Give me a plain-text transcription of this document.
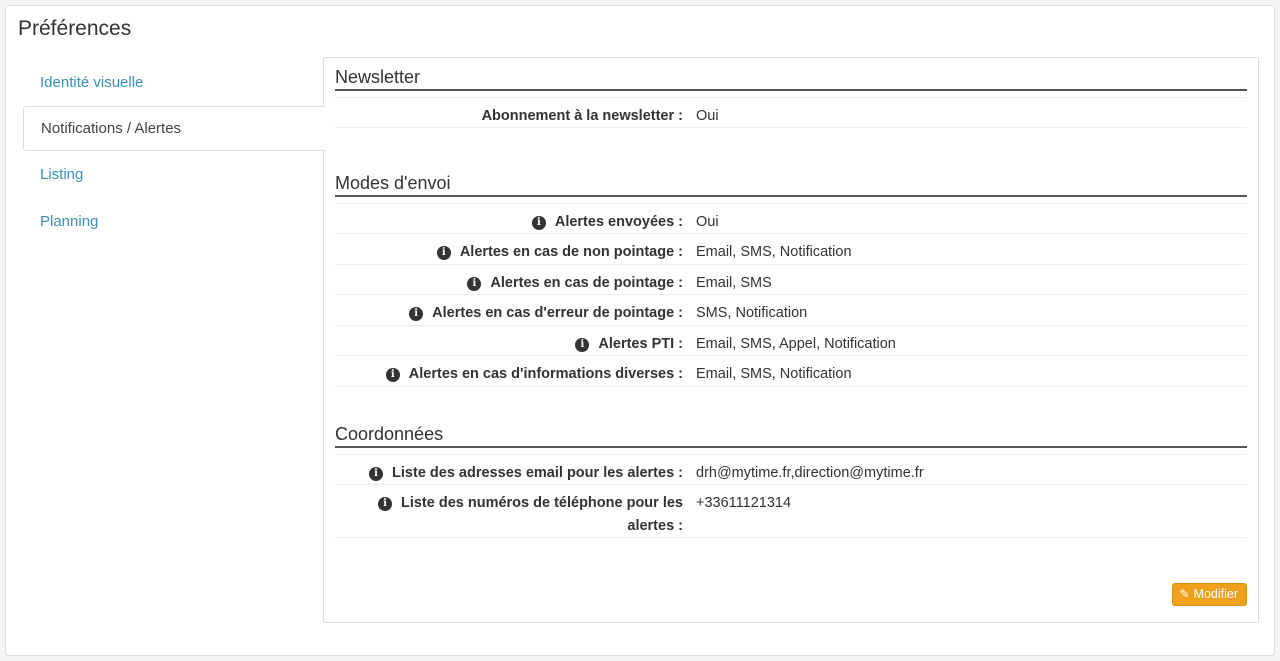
Préférences
Identité visuelle
Notifications / Alertes
Listing
Planning
Newsletter
Abonnement à la newsletter : Oui
Modes d'envoi
i Alertes envoyées : Oui
i Alertes en cas de non pointage : Email, SMS, Notification
i Alertes en cas de pointage : Email, SMS
i Alertes en cas d'erreur de pointage : SMS, Notification
i Alertes PTI : Email, SMS, Appel, Notification
i Alertes en cas d'informations diverses : Email, SMS, Notification
Coordonnées
i Liste des adresses email pour les alertes : drh@mytime.fr,direction@mytime.fr
i Liste des numéros de téléphone pour les alertes :
+33611121314
✎ Modifier
